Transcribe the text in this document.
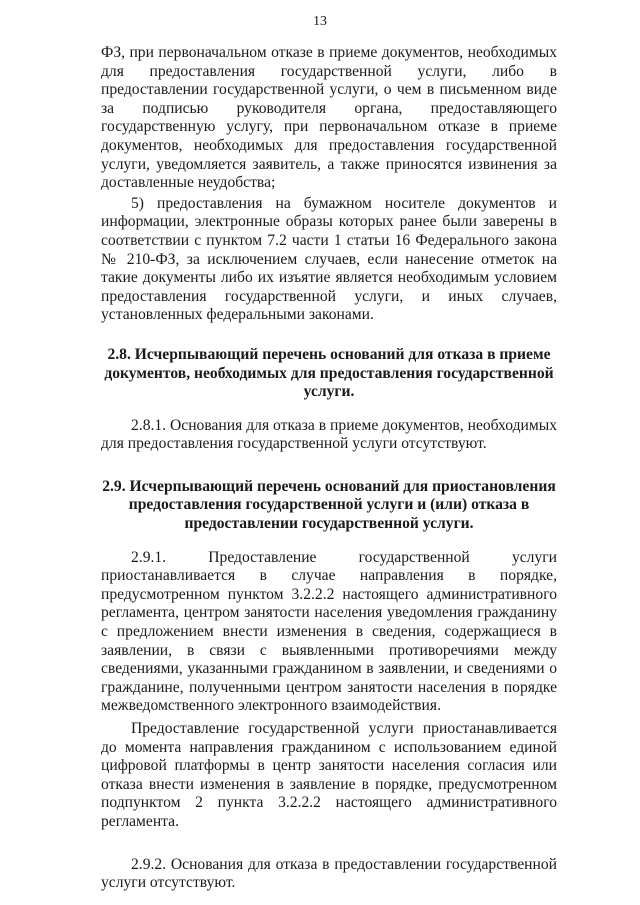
13

ФЗ, при первоначальном отказе в приеме документов, необходимых для предоставления государственной услуги, либо в предоставлении государственной услуги, о чем в письменном виде за подписью руководителя органа, предоставляющего государственную услугу, при первоначальном отказе в приеме документов, необходимых для предоставления государственной услуги, уведомляется заявитель, а также приносятся извинения за доставленные неудобства;

5) предоставления на бумажном носителе документов и информации, электронные образы которых ранее были заверены в соответствии с пунктом 7.2 части 1 статьи 16 Федерального закона № 210-ФЗ, за исключением случаев, если нанесение отметок на такие документы либо их изъятие является необходимым условием предоставления государственной услуги, и иных случаев, установленных федеральными законами.

2.8. Исчерпывающий перечень оснований для отказа в приеме документов, необходимых для предоставления государственной услуги.

2.8.1. Основания для отказа в приеме документов, необходимых для предоставления государственной услуги отсутствуют.

2.9. Исчерпывающий перечень оснований для приостановления предоставления государственной услуги и (или) отказа в предоставлении государственной услуги.

2.9.1. Предоставление государственной услуги приостанавливается в случае направления в порядке, предусмотренном пунктом 3.2.2.2 настоящего административного регламента, центром занятости населения уведомления гражданину с предложением внести изменения в сведения, содержащиеся в заявлении, в связи с выявленными противоречиями между сведениями, указанными гражданином в заявлении, и сведениями о гражданине, полученными центром занятости населения в порядке межведомственного электронного взаимодействия.

Предоставление государственной услуги приостанавливается до момента направления гражданином с использованием единой цифровой платформы в центр занятости населения согласия или отказа внести изменения в заявление в порядке, предусмотренном подпунктом 2 пункта 3.2.2.2 настоящего административного регламента.

2.9.2. Основания для отказа в предоставлении государственной услуги отсутствуют.
